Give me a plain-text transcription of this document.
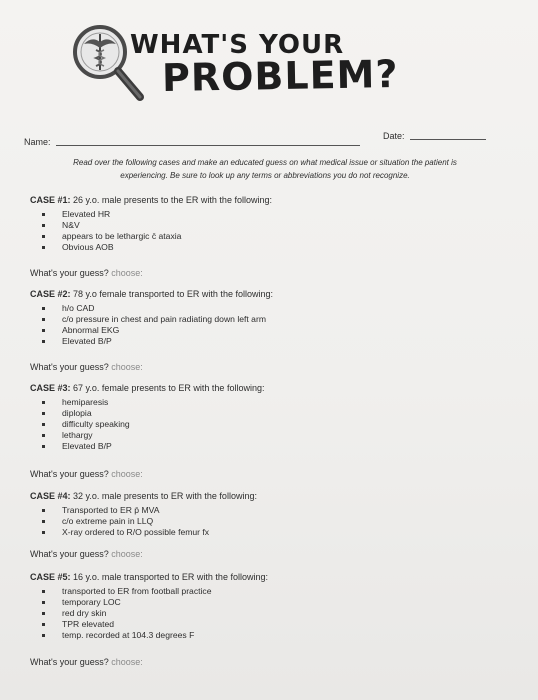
WHAT'S YOUR
PROBLEM?
Name:
Date:
Read over the following cases and make an educated guess on what medical issue or situation the patient is
experiencing. Be sure to look up any terms or abbreviations you do not recognize.
CASE #1: 26 y.o. male presents to the ER with the following:
Elevated HR
N&V
appears to be lethargic c̄ ataxia
Obvious AOB
What's your guess? choose:
CASE #2: 78 y.o female transported to ER with the following:
h/o CAD
c/o pressure in chest and pain radiating down left arm
Abnormal EKG
Elevated B/P
What's your guess? choose:
CASE #3: 67 y.o. female presents to ER with the following:
hemiparesis
diplopia
difficulty speaking
lethargy
Elevated B/P
What's your guess? choose:
CASE #4: 32 y.o. male presents to ER with the following:
Transported to ER p̄ MVA
c/o extreme pain in LLQ
X-ray ordered to R/O possible femur fx
What's your guess? choose:
CASE #5: 16 y.o. male transported to ER with the following:
transported to ER from football practice
temporary LOC
red dry skin
TPR elevated
temp. recorded at 104.3 degrees F
What's your guess? choose:
